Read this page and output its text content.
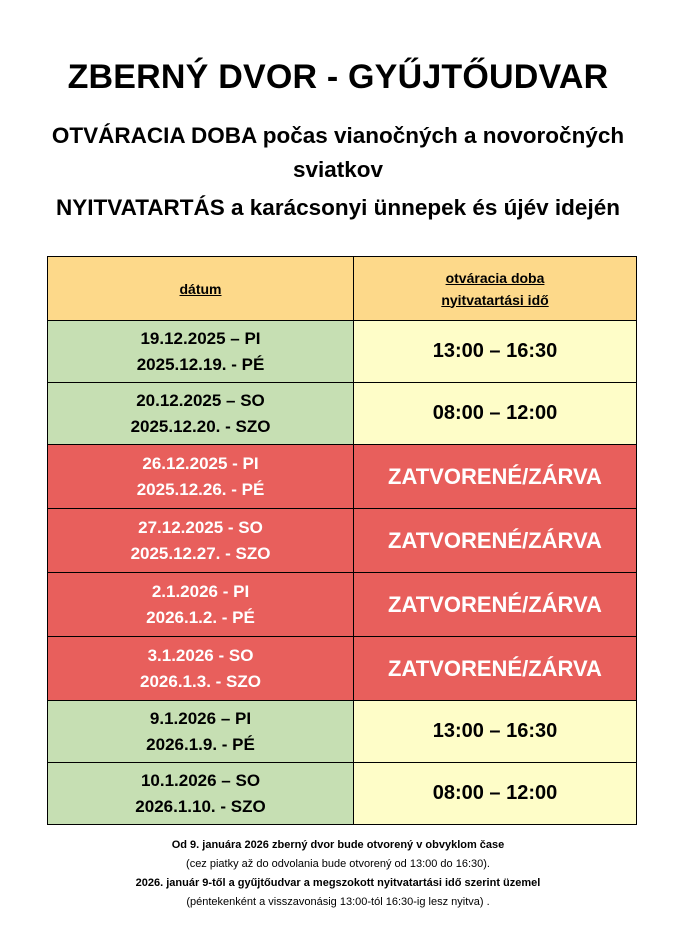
ZBERNÝ DVOR - GYŰJTŐUDVAR
OTVÁRACIA DOBA počas vianočných a novoročných
sviatkov
NYITVATARTÁS a karácsonyi ünnepek és újév idején
dátum	otváracia doba
nyitvatartási idő
19.12.2025 – PI
2025.12.19. - PÉ	13:00 – 16:30
20.12.2025 – SO
2025.12.20. - SZO	08:00 – 12:00
26.12.2025 - PI
2025.12.26. - PÉ	ZATVORENÉ/ZÁRVA
27.12.2025 - SO
2025.12.27. - SZO	ZATVORENÉ/ZÁRVA
2.1.2026 - PI
2026.1.2. - PÉ	ZATVORENÉ/ZÁRVA
3.1.2026 - SO
2026.1.3. - SZO	ZATVORENÉ/ZÁRVA
9.1.2026 – PI
2026.1.9. - PÉ	13:00 – 16:30
10.1.2026 – SO
2026.1.10. - SZO	08:00 – 12:00
Od 9. januára 2026 zberný dvor bude otvorený v obvyklom čase
(cez piatky až do odvolania bude otvorený od 13:00 do 16:30).
2026. január 9-től a gyűjtőudvar a megszokott nyitvatartási idő szerint üzemel
(péntekenként a visszavonásig 13:00-tól 16:30-ig lesz nyitva) .
